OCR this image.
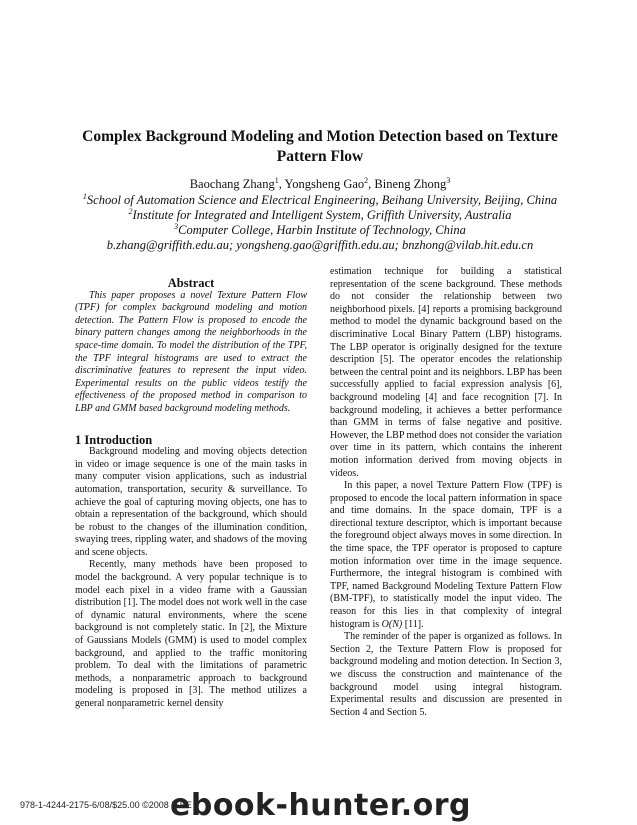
Complex Background Modeling and Motion Detection based on Texture Pattern Flow
Baochang Zhang$^1$, Yongsheng Gao$^2$, Bineng Zhong$^3$
$^1$School of Automation Science and Electrical Engineering, Beihang University, Beijing, China
$^2$Institute for Integrated and Intelligent System, Griffith University, Australia
$^3$Computer College, Harbin Institute of Technology, China
b.zhang@griffith.edu.au; yongsheng.gao@griffith.edu.au; bnzhong@vilab.hit.edu.cn

Abstract

This paper proposes a novel Texture Pattern Flow (TPF) for complex background modeling and motion detection. The Pattern Flow is proposed to encode the binary pattern changes among the neighborhoods in the space-time domain. To model the distribution of the TPF, the TPF integral histograms are used to extract the discriminative features to represent the input video. Experimental results on the public videos testify the effectiveness of the proposed method in comparison to LBP and GMM based background modeling methods.

1 Introduction

Background modeling and moving objects detection in video or image sequence is one of the main tasks in many computer vision applications, such as industrial automation, transportation, security & surveillance. To achieve the goal of capturing moving objects, one has to obtain a representation of the background, which should be robust to the changes of the illumination condition, swaying trees, rippling water, and shadows of the moving and scene objects.

Recently, many methods have been proposed to model the background. A very popular technique is to model each pixel in a video frame with a Gaussian distribution [1]. The model does not work well in the case of dynamic natural environments, where the scene background is not completely static. In [2], the Mixture of Gaussians Models (GMM) is used to model complex background, and applied to the traffic monitoring problem. To deal with the limitations of parametric methods, a nonparametric approach to background modeling is proposed in [3]. The method utilizes a general nonparametric kernel density

estimation technique for building a statistical representation of the scene background. These methods do not consider the relationship between two neighborhood pixels. [4] reports a promising background method to model the dynamic background based on the discriminative Local Binary Pattern (LBP) histograms. The LBP operator is originally designed for the texture description [5]. The operator encodes the relationship between the central point and its neighbors. LBP has been successfully applied to facial expression analysis [6], background modeling [4] and face recognition [7]. In background modeling, it achieves a better performance than GMM in terms of false negative and positive. However, the LBP method does not consider the variation over time in its pattern, which contains the inherent motion information derived from moving objects in videos.

In this paper, a novel Texture Pattern Flow (TPF) is proposed to encode the local pattern information in space and time domains. In the space domain, TPF is a directional texture descriptor, which is important because the foreground object always moves in some direction. In the time space, the TPF operator is proposed to capture motion information over time in the image sequence. Furthermore, the integral histogram is combined with TPF, named Background Modeling Texture Pattern Flow (BM-TPF), to statistically model the input video. The reason for this lies in that complexity of integral histogram is O(N) [11].

The reminder of the paper is organized as follows. In Section 2, the Texture Pattern Flow is proposed for background modeling and motion detection. In Section 3, we discuss the construction and maintenance of the background model using integral histogram. Experimental results and discussion are presented in Section 4 and Section 5.

978-1-4244-2175-6/08/$25.00 ©2008 IEEE
ebook-hunter.org
